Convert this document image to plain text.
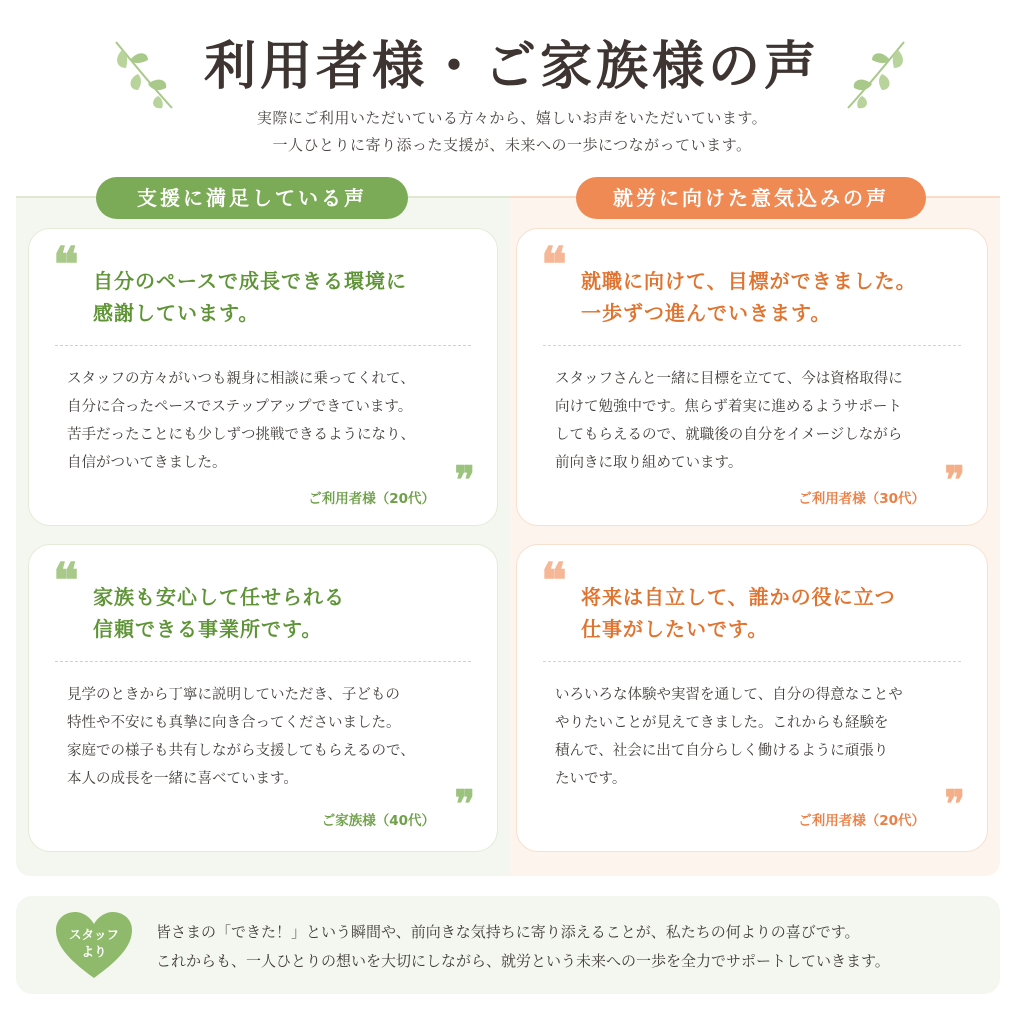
利用者様・ご家族様の声
実際にご利用いただいている方々から、嬉しいお声をいただいています。
一人ひとりに寄り添った支援が、未来への一歩につながっています。
支援に満足している声	就労に向けた意気込みの声
❝ 自分のペースで成長できる環境に
感謝しています。
スタッフの方々がいつも親身に相談に乗ってくれて、
自分に合ったペースでステップアップできています。
苦手だったことにも少しずつ挑戦できるようになり、
自信がついてきました。	❞
ご利用者様（20代）
❝ 就職に向けて、目標ができました。
一歩ずつ進んでいきます。
スタッフさんと一緒に目標を立てて、今は資格取得に
向けて勉強中です。焦らず着実に進めるようサポート
してもらえるので、就職後の自分をイメージしながら
前向きに取り組めています。	❞
ご利用者様（30代）
❝ 家族も安心して任せられる
信頼できる事業所です。
見学のときから丁寧に説明していただき、子どもの
特性や不安にも真摯に向き合ってくださいました。
家庭での様子も共有しながら支援してもらえるので、
本人の成長を一緒に喜べています。
❞
ご家族様（40代）
❝ 将来は自立して、誰かの役に立つ
仕事がしたいです。
いろいろな体験や実習を通して、自分の得意なことや
やりたいことが見えてきました。これからも経験を
積んで、社会に出て自分らしく働けるように頑張り
たいです。
❞
ご利用者様（20代）
スタッフ
より
皆さまの「できた！」という瞬間や、前向きな気持ちに寄り添えることが、私たちの何よりの喜びです。
これからも、一人ひとりの想いを大切にしながら、就労という未来への一歩を全力でサポートしていきます。
